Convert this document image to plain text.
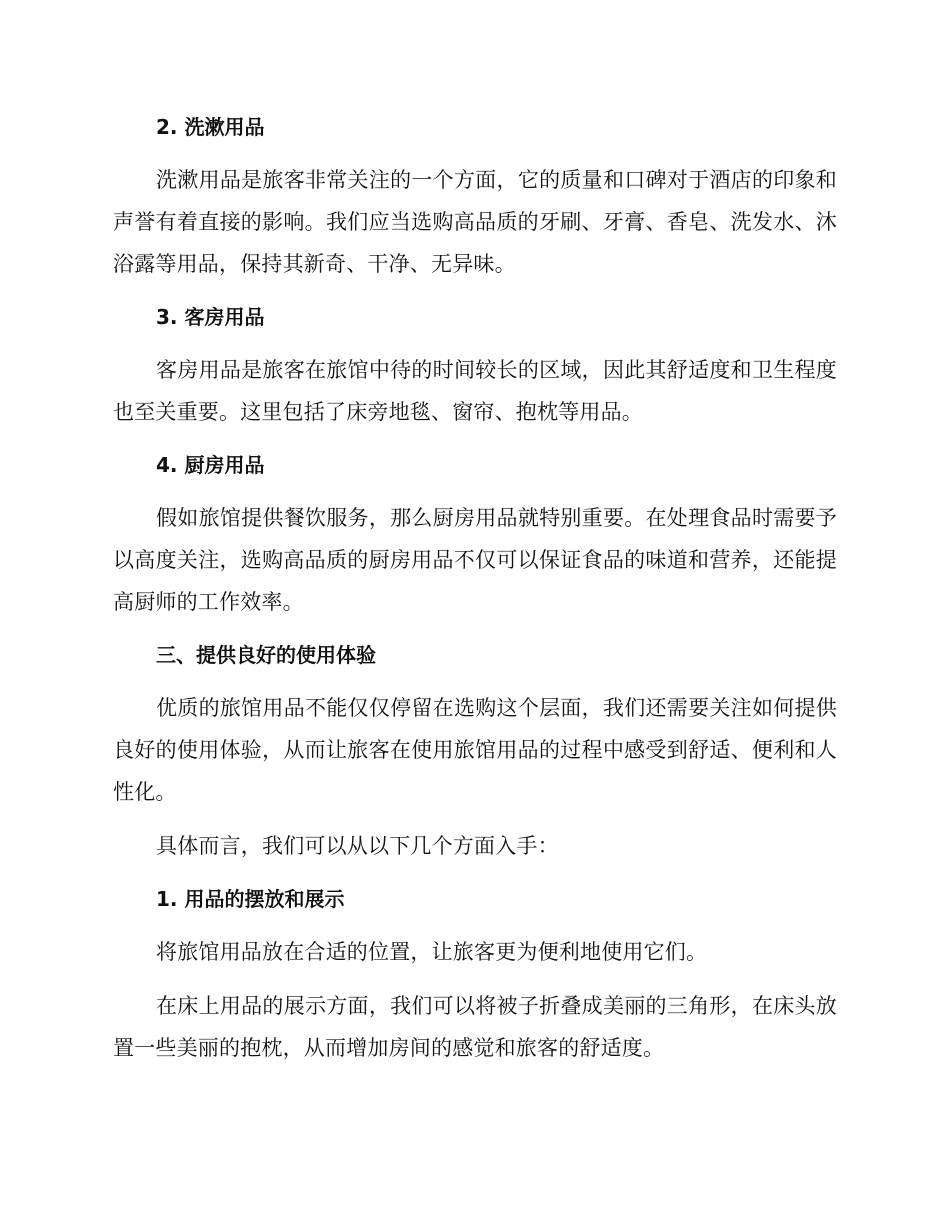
2. 洗漱用品

洗漱用品是旅客非常关注的一个方面，它的质量和口碑对于酒店的印象和声誉有着直接的影响。我们应当选购高品质的牙刷、牙膏、香皂、洗发水、沐浴露等用品，保持其新奇、干净、无异味。

3. 客房用品

客房用品是旅客在旅馆中待的时间较长的区域，因此其舒适度和卫生程度也至关重要。这里包括了床旁地毯、窗帘、抱枕等用品。

4. 厨房用品

假如旅馆提供餐饮服务，那么厨房用品就特别重要。在处理食品时需要予以高度关注，选购高品质的厨房用品不仅可以保证食品的味道和营养，还能提高厨师的工作效率。

三、提供良好的使用体验

优质的旅馆用品不能仅仅停留在选购这个层面，我们还需要关注如何提供良好的使用体验，从而让旅客在使用旅馆用品的过程中感受到舒适、便利和人性化。

具体而言，我们可以从以下几个方面入手：

1. 用品的摆放和展示

将旅馆用品放在合适的位置，让旅客更为便利地使用它们。

在床上用品的展示方面，我们可以将被子折叠成美丽的三角形，在床头放置一些美丽的抱枕，从而增加房间的感觉和旅客的舒适度。
